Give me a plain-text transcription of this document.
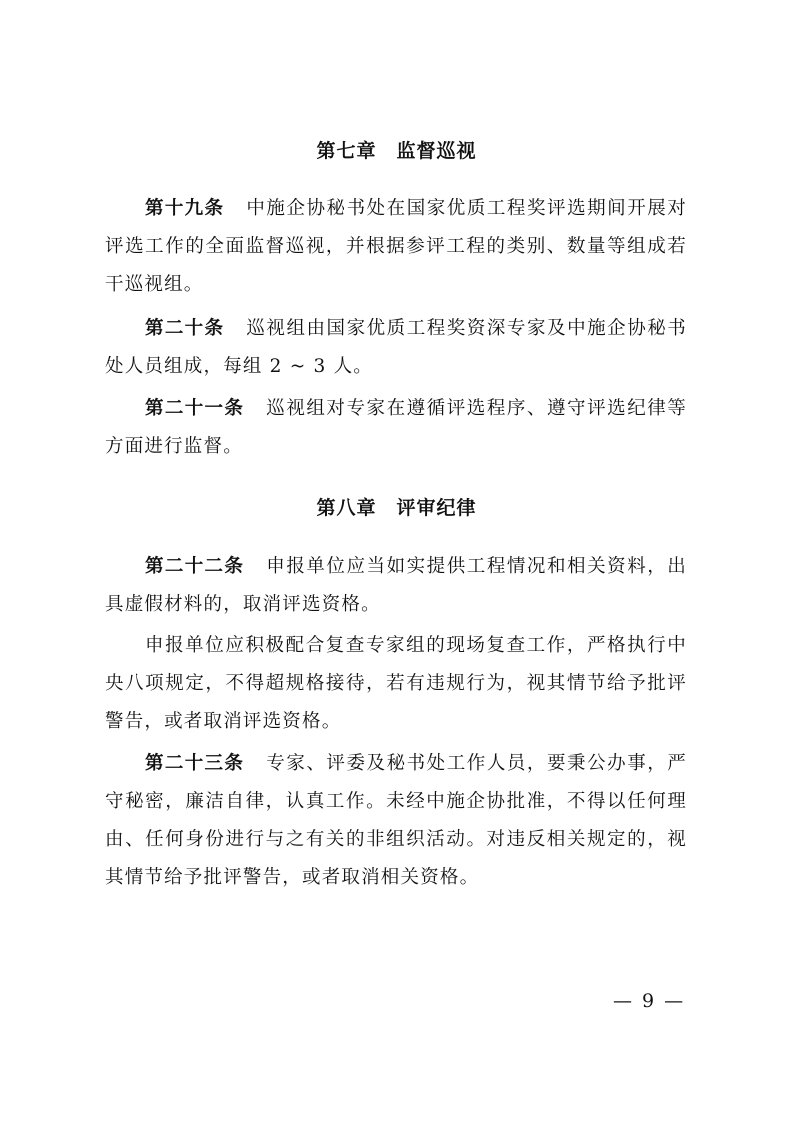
第七章　监督巡视
第十九条 中施企协秘书处在国家优质工程奖评选期间开展对评选工作的全面监督巡视，并根据参评工程的类别、数量等组成若干巡视组。
第二十条 巡视组由国家优质工程奖资深专家及中施企协秘书处人员组成，每组 2 ~ 3 人。
第二十一条 巡视组对专家在遵循评选程序、遵守评选纪律等方面进行监督。
第八章　评审纪律
第二十二条 申报单位应当如实提供工程情况和相关资料，出具虚假材料的，取消评选资格。
申报单位应积极配合复查专家组的现场复查工作，严格执行中央八项规定，不得超规格接待，若有违规行为，视其情节给予批评警告，或者取消评选资格。
第二十三条 专家、评委及秘书处工作人员，要秉公办事，严守秘密，廉洁自律，认真工作。未经中施企协批准，不得以任何理由、任何身份进行与之有关的非组织活动。对违反相关规定的，视其情节给予批评警告，或者取消相关资格。
— 9 —
